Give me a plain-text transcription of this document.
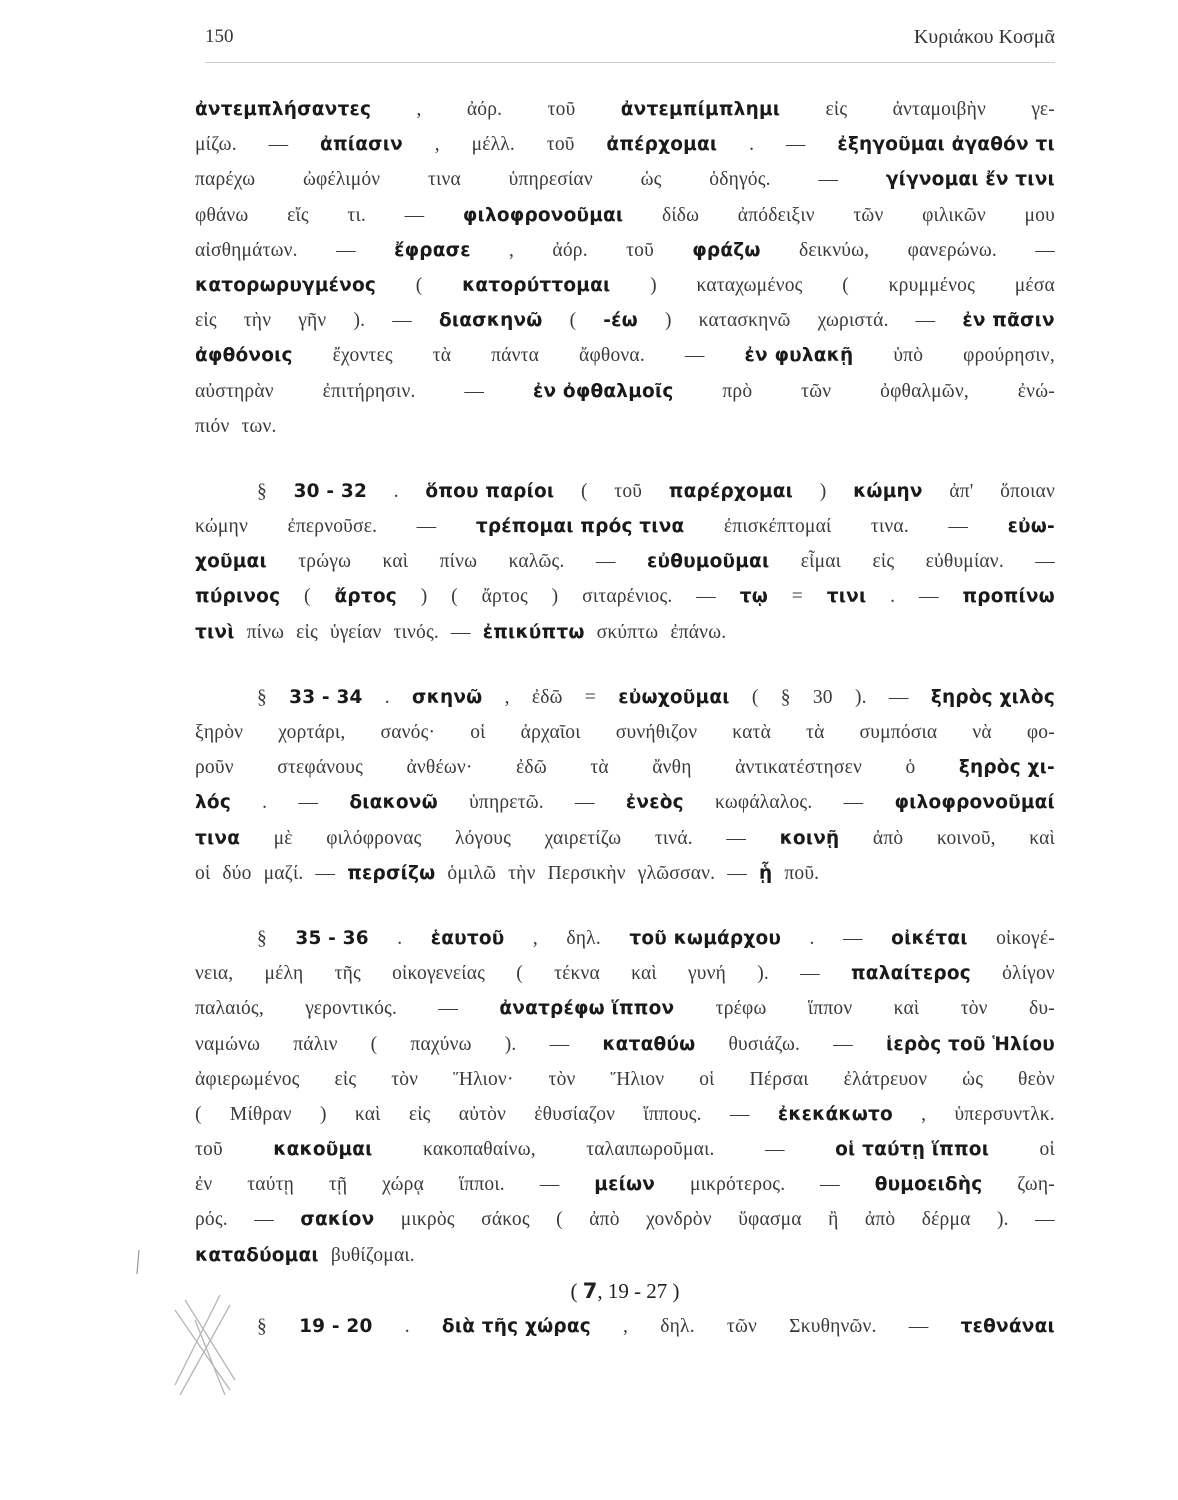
150	Κυριάκου Κοσμᾶ
ἀντεμπλήσαντες , ἀόρ. τοῦ ἀντεμπίμπλημι εἰς ἀνταμοιβὴν γε-
μίζω. — ἀπίασιν , μέλλ. τοῦ ἀπέρχομαι . — ἐξηγοῦμαι ἀγαθόν τι
παρέχω ὠφέλιμόν τινα ὑπηρεσίαν ὡς ὁδηγός. —	γίγνομαι ἔν τινι
φθάνω εἴς τι. — φιλοφρονοῦμαι δίδω ἀπόδειξιν τῶν φιλικῶν μου
αἰσθημάτων. — ἔφρασε , ἀόρ. τοῦ φράζω δεικνύω, φανερώνω. —
κατορωρυγμένος ( κατορύττομαι ) καταχωμένος ( κρυμμένος μέσα
εἰς τὴν γῆν ). — διασκηνῶ ( -έω ) κατασκηνῶ χωριστά. — ἐν πᾶσιν
ἀφθόνοις ἔχοντες τὰ πάντα ἄφθονα. — ἐν φυλακῇ ὑπὸ φρούρησιν,
αὐστηρὰν	ἐπιτήρησιν.	—	ἐν ὀφθαλμοῖς	πρὸ	τῶν	ὀφθαλμῶν,	ἐνώ-
πιόν των.
§ 30 - 32 . ὅπου παρίοι ( τοῦ παρέρχομαι ) κώμην ἀπ' ὅποιαν
κώμην ἐπερνοῦσε. — τρέπομαι πρός τινα ἐπισκέπτομαί τινα. — εὐω-
χοῦμαι τρώγω καὶ πίνω καλῶς. — εὐθυμοῦμαι εἶμαι εἰς εὐθυμίαν. —
πύρινος ( ἄρτος ) ( ἄρτος ) σιταρένιος. — τῳ = τινι . — προπίνω
τινὶ πίνω εἰς ὑγείαν τινός. — ἐπικύπτω σκύπτω ἐπάνω.
§ 33 - 34 . σκηνῶ , ἐδῶ = εὐωχοῦμαι ( § 30 ). — ξηρὸς χιλὸς
ξηρὸν χορτάρι, σανός· οἱ ἀρχαῖοι συνήθιζον κατὰ τὰ συμπόσια νὰ φο-
ροῦν στεφάνους ἀνθέων· ἐδῶ τὰ ἄνθη ἀντικατέστησεν ὁ ξηρὸς χι-
λός . — διακονῶ ὑπηρετῶ. — ἐνεὸς κωφάλαλος. — φιλοφρονοῦμαί
τινα μὲ φιλόφρονας λόγους χαιρετίζω τινά. — κοινῇ ἀπὸ κοινοῦ, καὶ
οἱ δύο μαζί. — περσίζω ὁμιλῶ τὴν Περσικὴν γλῶσσαν. — ᾗ ποῦ.
§ 35 - 36 . ἑαυτοῦ , δηλ. τοῦ κωμάρχου . — οἰκέται οἰκογέ-
νεια, μέλη τῆς οἰκογενείας ( τέκνα καὶ γυνή ). — παλαίτερος ὀλίγον
παλαιός, γεροντικός. — ἀνατρέφω ἵππον τρέφω ἵππον καὶ τὸν δυ-
ναμώνω πάλιν ( παχύνω ). — καταθύω θυσιάζω. — ἱερὸς τοῦ Ἡλίου
ἀφιερωμένος εἰς τὸν Ἥλιον· τὸν Ἥλιον οἱ Πέρσαι ἐλάτρευον ὡς θεὸν
( Μίθραν ) καὶ εἰς αὐτὸν ἐθυσίαζον ἵππους. — ἐκεκάκωτο , ὑπερσυντλκ.
τοῦ	κακοῦμαι	κακοπαθαίνω,	ταλαιπωροῦμαι.	—	οἱ ταύτῃ ἵπποι	οἱ
ἐν ταύτῃ τῇ χώρᾳ ἵπποι. — μείων μικρότερος. — θυμοειδὴς ζωη-
ρός. — σακίον μικρὸς σάκος ( ἀπὸ χονδρὸν ὕφασμα ἢ ἀπὸ δέρμα ). —
καταδύομαι βυθίζομαι.
( 7, 19 - 27 )
§ 19 - 20 . διὰ τῆς χώρας , δηλ. τῶν Σκυθηνῶν. — τεθνάναι
